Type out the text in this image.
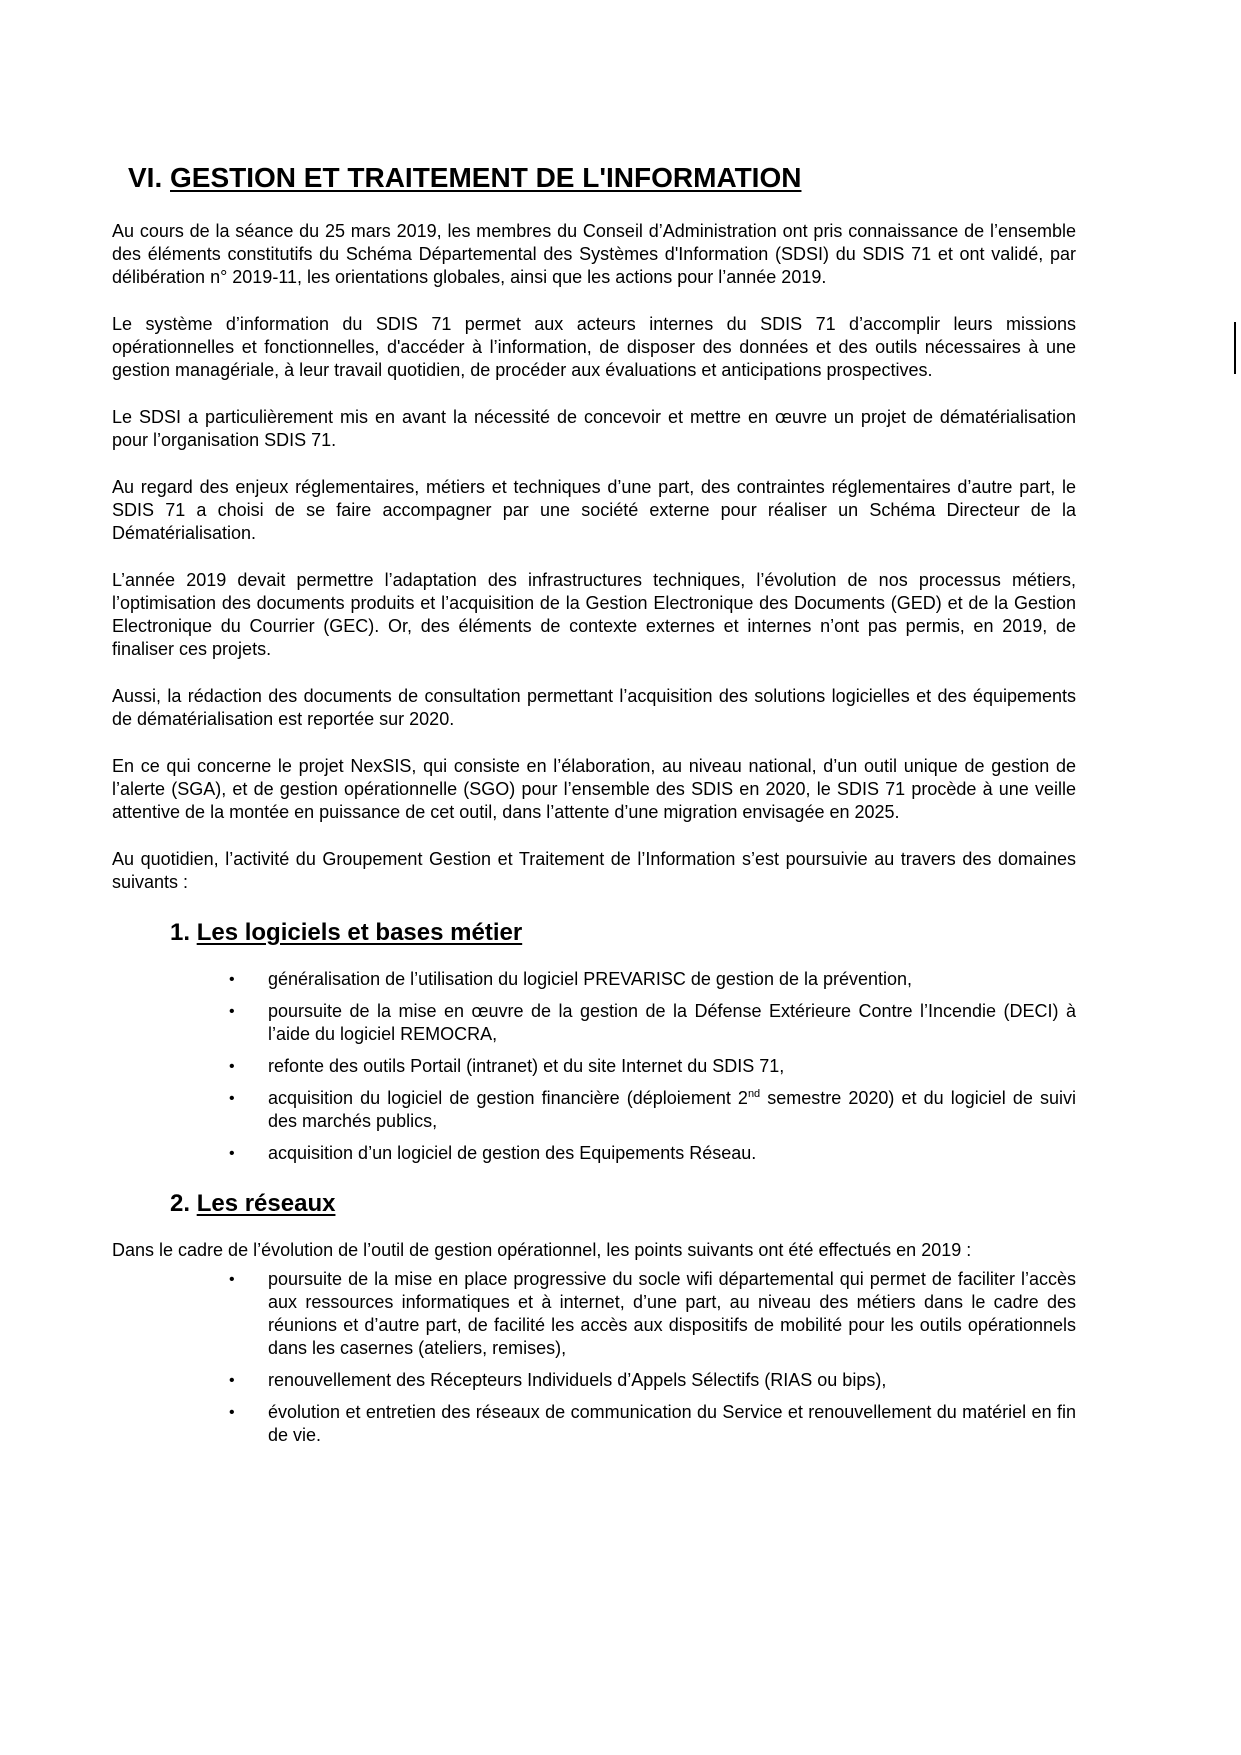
VI. GESTION ET TRAITEMENT DE L'INFORMATION

Au cours de la séance du 25 mars 2019, les membres du Conseil d’Administration ont pris connaissance de l’ensemble des éléments constitutifs du Schéma Départemental des Systèmes d'Information (SDSI) du SDIS 71 et ont validé, par délibération n° 2019-11, les orientations globales, ainsi que les actions pour l’année 2019.

Le système d’information du SDIS 71 permet aux acteurs internes du SDIS 71 d’accomplir leurs missions opérationnelles et fonctionnelles, d'accéder à l’information, de disposer des données et des outils nécessaires à une gestion managériale, à leur travail quotidien, de procéder aux évaluations et anticipations prospectives.

Le SDSI a particulièrement mis en avant la nécessité de concevoir et mettre en œuvre un projet de dématérialisation pour l’organisation SDIS 71.

Au regard des enjeux réglementaires, métiers et techniques d’une part, des contraintes réglementaires d’autre part, le SDIS 71 a choisi de se faire accompagner par une société externe pour réaliser un Schéma Directeur de la Dématérialisation.

L’année 2019 devait permettre l’adaptation des infrastructures techniques, l’évolution de nos processus métiers, l’optimisation des documents produits et l’acquisition de la Gestion Electronique des Documents (GED) et de la Gestion Electronique du Courrier (GEC). Or, des éléments de contexte externes et internes n’ont pas permis, en 2019, de finaliser ces projets.

Aussi, la rédaction des documents de consultation permettant l’acquisition des solutions logicielles et des équipements de dématérialisation est reportée sur 2020.

En ce qui concerne le projet NexSIS, qui consiste en l’élaboration, au niveau national, d’un outil unique de gestion de l’alerte (SGA), et de gestion opérationnelle (SGO) pour l’ensemble des SDIS en 2020, le SDIS 71 procède à une veille attentive de la montée en puissance de cet outil, dans l’attente d’une migration envisagée en 2025.

Au quotidien, l’activité du Groupement Gestion et Traitement de l’Information s’est poursuivie au travers des domaines suivants :

1. Les logiciels et bases métier
• généralisation de l’utilisation du logiciel PREVARISC de gestion de la prévention,
• poursuite de la mise en œuvre de la gestion de la Défense Extérieure Contre l’Incendie (DECI) à l’aide du logiciel REMOCRA,
• refonte des outils Portail (intranet) et du site Internet du SDIS 71,
• acquisition du logiciel de gestion financière (déploiement 2nd semestre 2020) et du logiciel de suivi des marchés publics,
• acquisition d’un logiciel de gestion des Equipements Réseau.
2. Les réseaux

Dans le cadre de l’évolution de l’outil de gestion opérationnel, les points suivants ont été effectués en 2019 :

• poursuite de la mise en place progressive du socle wifi départemental qui permet de faciliter l’accès aux ressources informatiques et à internet, d’une part, au niveau des métiers dans le cadre des réunions et d’autre part, de facilité les accès aux dispositifs de mobilité pour les outils opérationnels dans les casernes (ateliers, remises),
• renouvellement des Récepteurs Individuels d’Appels Sélectifs (RIAS ou bips),
• évolution et entretien des réseaux de communication du Service et renouvellement du matériel en fin de vie.
